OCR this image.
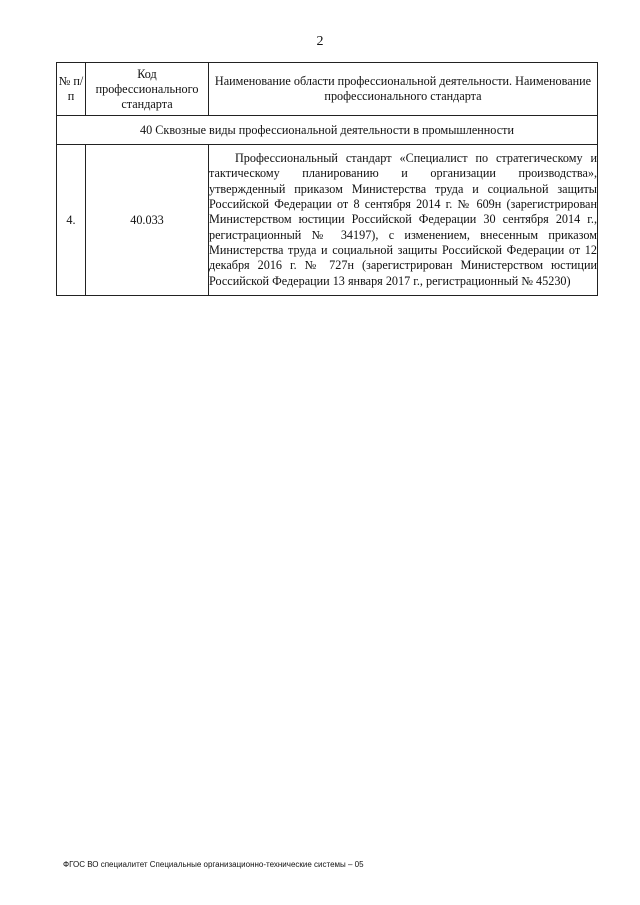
2
№ п/п	Код профессионального стандарта	Наименование области профессиональной деятельности. Наименование профессионального стандарта
40 Сквозные виды профессиональной деятельности в промышленности		
4.	40.033	Профессиональный стандарт «Специалист по стратегическому и тактическому планированию и организации производства», утвержденный приказом Министерства труда и социальной защиты Российской Федерации от 8 сентября 2014 г. № 609н (зарегистрирован Министерством юстиции Российской Федерации 30 сентября 2014 г., регистрационный № 34197), с изменением, внесенным приказом Министерства труда и социальной защиты Российской Федерации от 12 декабря 2016 г. № 727н (зарегистрирован Министерством юстиции Российской Федерации 13 января 2017 г., регистрационный № 45230)
ФГОС ВО специалитет Специальные организационно-технические системы – 05
